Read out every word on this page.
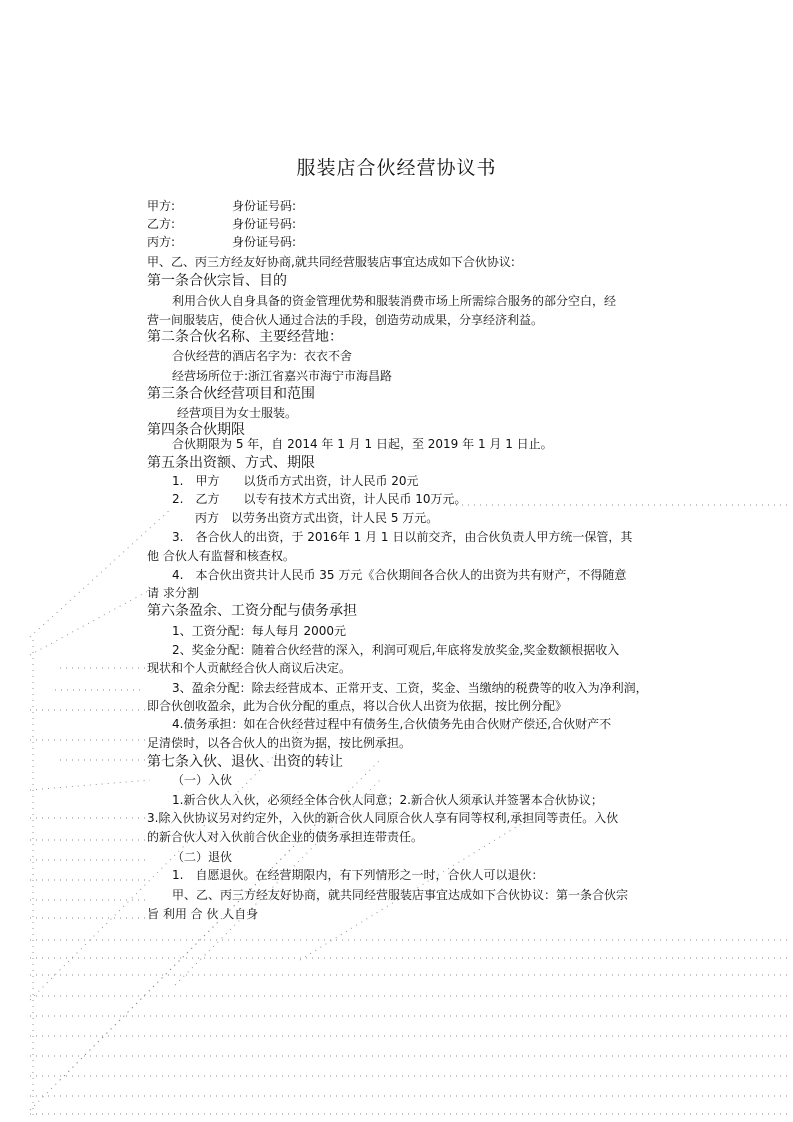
服装店合伙经营协议书
甲方:	身份证号码:
乙方:	身份证号码:
丙方:	身份证号码:
甲、乙、丙三方经友好协商,就共同经营服装店事宜达成如下合伙协议:
第一条合伙宗旨、目的
利用合伙人自身具备的资金管理优势和服装消费市场上所需综合服务的部分空白，经
营一间服装店，使合伙人通过合法的手段，创造劳动成果，分享经济利益。
第二条合伙名称、主要经营地：
合伙经营的酒店名字为：衣衣不舍
经营场所位于:浙江省嘉兴市海宁市海昌路
第三条合伙经营项目和范围
经营项目为女士服装。
第四条合伙期限
合伙期限为 5 年，自 2014 年 1 月 1 日起，至 2019 年 1 月 1 日止。
第五条出资额、方式、期限
1.　甲方　　以货币方式出资，计人民币 20元
2.　乙方　　以专有技术方式出资，计人民币 10万元。
丙方　以劳务出资方式出资，计人民 5 万元。
3.　各合伙人的出资，于 2016年 1 月 1 日以前交齐，由合伙负责人甲方统一保管，其
他 合伙人有监督和核查权。
4.　本合伙出资共计人民币 35 万元《合伙期间各合伙人的出资为共有财产，不得随意
请 求分割
第六条盈余、工资分配与债务承担
1、工资分配：每人每月 2000元
2、奖金分配：随着合伙经营的深入，利润可观后,年底将发放奖金,奖金数额根据收入
现状和个人贡献经合伙人商议后决定。
3、盈余分配：除去经营成本、正常开支、工资，奖金、当缴纳的税费等的收入为净利润，
即合伙创收盈余，此为合伙分配的重点，将以合伙人出资为依据，按比例分配》
4.债务承担：如在合伙经营过程中有债务生,合伙债务先由合伙财产偿还,合伙财产不
足清偿时，以各合伙人的出资为据，按比例承担。
第七条入伙、退伙、出资的转让
（一）入伙
1.新合伙人入伙，必须经全体合伙人同意；2.新合伙人须承认并签署本合伙协议；
3.除入伙协议另对约定外，入伙的新合伙人同原合伙人享有同等权利,承担同等责任。入伙
的新合伙人对入伙前合伙企业的债务承担连带责任。
（二）退伙
1.　自愿退伙。在经营期限内，有下列情形之一时，合伙人可以退伙：
甲、乙、丙三方经友好协商，就共同经营服装店事宜达成如下合伙协议：第一条合伙宗
旨 利用 合 伙 人自身
